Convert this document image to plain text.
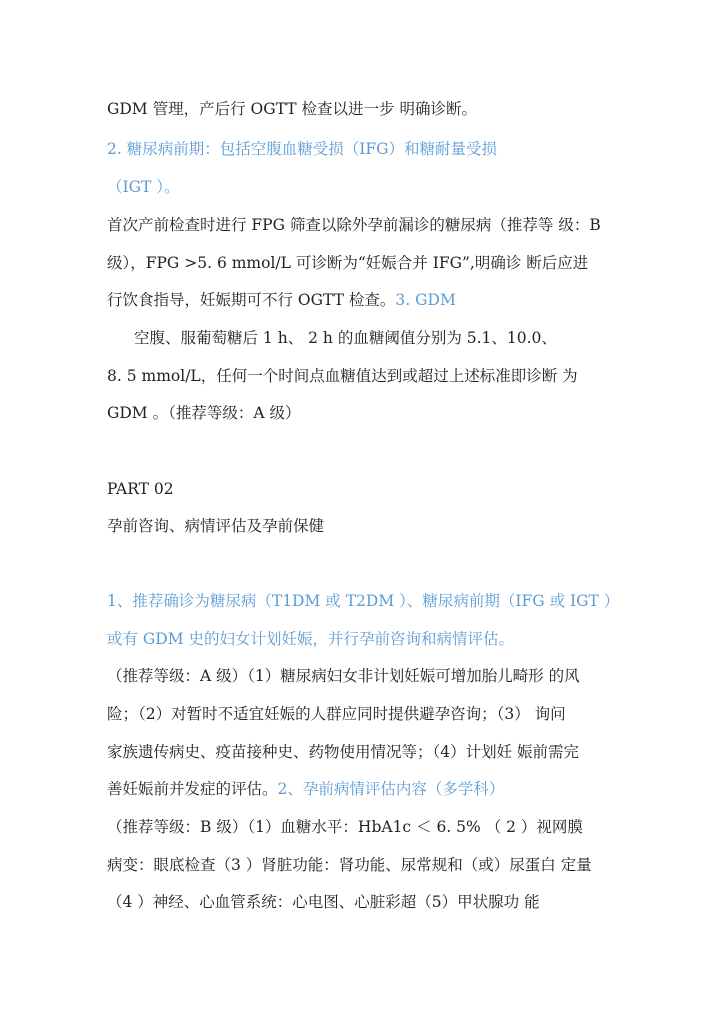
GDM 管理，产后行 OGTT 检查以进一步 明确诊断。
2. 糖尿病前期：包括空腹血糖受损（IFG）和糖耐量受损
（IGT ）。
首次产前检查时进行 FPG 筛查以除外孕前漏诊的糖尿病（推荐等 级：B
级），FPG >5. 6 mmol/L 可诊断为“妊娠合并 IFG”,明确诊 断后应进
行饮食指导，妊娠期可不行 OGTT 检查。3. GDM
空腹、服葡萄糖后 1 h、 2 h 的血糖阈值分别为 5.1、10.0、
8. 5 mmol/L，任何一个时间点血糖值达到或超过上述标准即诊断 为
GDM 。（推荐等级：A 级）
PART 02
孕前咨询、病情评估及孕前保健
1、推荐确诊为糖尿病（T1DM 或 T2DM ）、糖尿病前期（IFG 或 IGT ）
或有 GDM 史的妇女计划妊娠，并行孕前咨询和病情评估。
（推荐等级：A 级）（1）糖尿病妇女非计划妊娠可增加胎儿畸形 的风
险；（2）对暂时不适宜妊娠的人群应同时提供避孕咨询；（3） 询问
家族遗传病史、疫苗接种史、药物使用情况等；（4）计划妊 娠前需完
善妊娠前并发症的评估。2、孕前病情评估内容（多学科）
（推荐等级：B 级）（1）血糖水平：HbA1c ＜ 6. 5% （ 2 ）视网膜
病变：眼底检查（3 ）肾脏功能：肾功能、尿常规和（或）尿蛋白 定量
（4 ）神经、心血管系统：心电图、心脏彩超（5）甲状腺功 能
